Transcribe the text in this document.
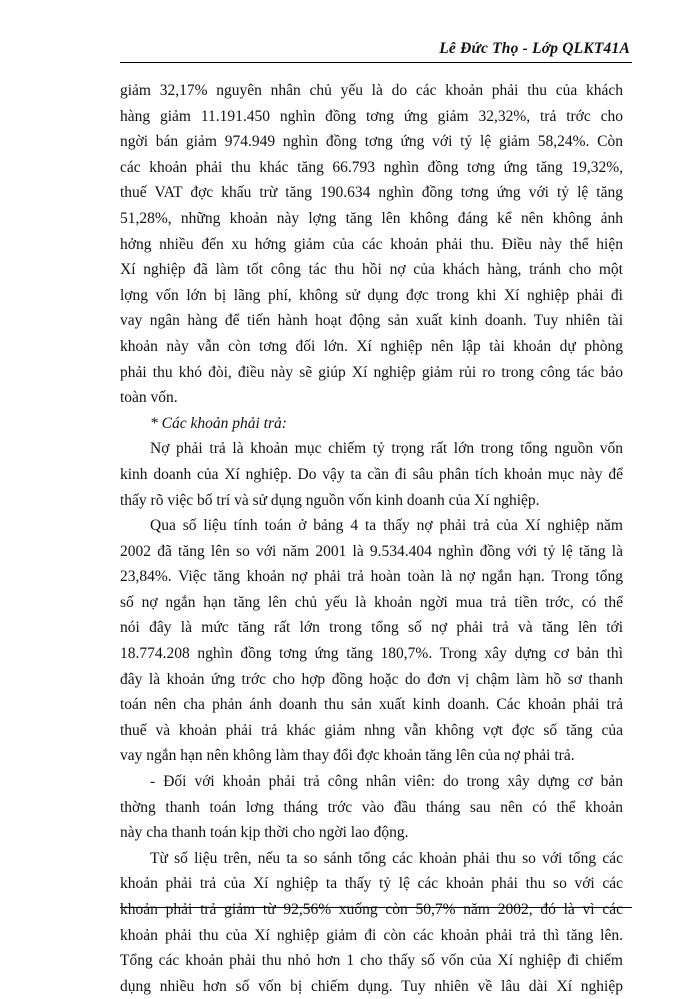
Lê Đức Thọ - Lớp QLKT41A

giảm 32,17% nguyên nhân chủ yếu là do các khoản phải thu của khách
hàng giảm 11.191.450 nghìn đồng tơng ứng giảm 32,32%, trả trớc cho
ngời bán giảm 974.949 nghìn đồng tơng ứng với tỷ lệ giảm 58,24%. Còn
các khoản phải thu khác tăng 66.793 nghìn đồng tơng ứng tăng 19,32%,
thuế VAT đợc khấu trừ tăng 190.634 nghìn đồng tơng ứng với tỷ lệ tăng
51,28%, những khoản này lợng tăng lên không đáng kể nên không ảnh
hởng nhiều đến xu hớng giảm của các khoản phải thu. Điều này thể hiện
Xí nghiệp đã làm tốt công tác thu hồi nợ của khách hàng, tránh cho một
lợng vốn lớn bị lãng phí, không sử dụng đợc trong khi Xí nghiệp phải đi
vay ngân hàng để tiến hành hoạt động sản xuất kinh doanh. Tuy nhiên tài
khoản này vẫn còn tơng đối lớn. Xí nghiệp nên lập tài khoản dự phòng
phải thu khó đòi, điều này sẽ giúp Xí nghiệp giảm rủi ro trong công tác bảo
toàn vốn.

* Các khoản phải trả:

Nợ phải trả là khoản mục chiếm tỷ trọng rất lớn trong tổng nguồn vốn
kinh doanh của Xí nghiệp. Do vậy ta cần đi sâu phân tích khoản mục này để
thấy rõ việc bố trí và sử dụng nguồn vốn kinh doanh của Xí nghiệp.

Qua số liệu tính toán ở bảng 4 ta thấy nợ phải trả của Xí nghiệp năm
2002 đã tăng lên so với năm 2001 là 9.534.404 nghìn đồng với tỷ lệ tăng là
23,84%. Việc tăng khoản nợ phải trả hoàn toàn là nợ ngắn hạn. Trong tổng
số nợ ngắn hạn tăng lên chủ yếu là khoản ngời mua trả tiền trớc, có thể
nói đây là mức tăng rất lớn trong tổng số nợ phải trả và tăng lên tới
18.774.208 nghìn đồng tơng ứng tăng 180,7%. Trong xây dựng cơ bản thì
đây là khoản ứng trớc cho hợp đồng hoặc do đơn vị chậm làm hồ sơ thanh
toán nên cha phản ánh doanh thu sản xuất kinh doanh. Các khoản phải trả
thuế và khoản phải trả khác giảm nhng vẫn không vợt đợc số tăng của
vay ngắn hạn nên không làm thay đổi đợc khoản tăng lên của nợ phải trả.

- Đối với khoản phải trả công nhân viên: do trong xây dựng cơ bản
thờng thanh toán lơng tháng trớc vào đầu tháng sau nên có thể khoản
này cha thanh toán kịp thời cho ngời lao động.

Từ số liệu trên, nếu ta so sánh tổng các khoản phải thu so với tổng các
khoản phải trả của Xí nghiệp ta thấy tỷ lệ các khoản phải thu so với các
khoản phải trả giảm từ 92,56% xuống còn 50,7% năm 2002, đó là vì các
khoản phải thu của Xí nghiệp giảm đi còn các khoản phải trả thì tăng lên.
Tổng các khoản phải thu nhỏ hơn 1 cho thấy số vốn của Xí nghiệp đi chiếm
dụng nhiều hơn số vốn bị chiếm dụng. Tuy nhiên về lâu dài Xí nghiệp
